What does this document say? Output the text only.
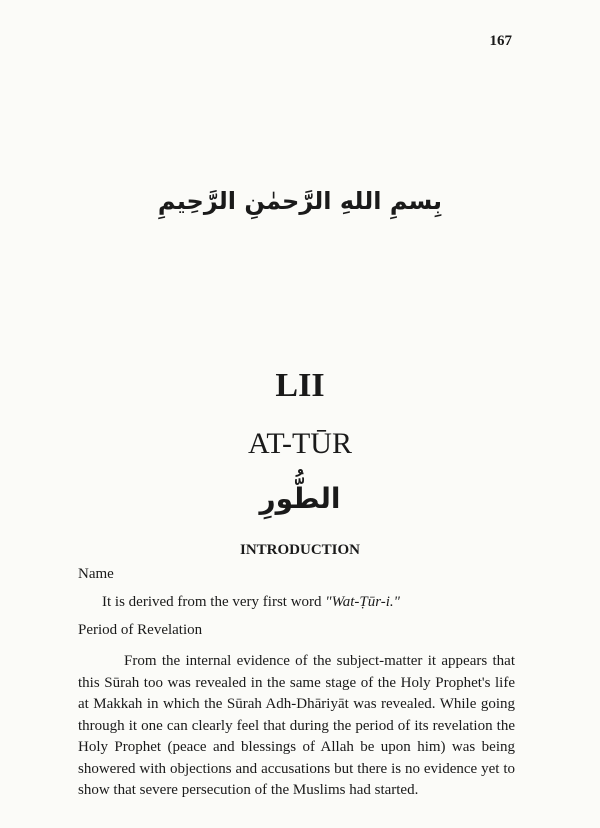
167
بِسمِ اللهِ الرَّحمٰنِ الرَّحِيمِ
LII
AT-TŪR
الطُّورِ
INTRODUCTION
Name
It is derived from the very first word "Wat-Ṭūr-i."
Period of Revelation
From the internal evidence of the subject-matter it appears that this Sūrah too was revealed in the same stage of the Holy Prophet's life at Makkah in which the Sūrah Adh-Dhāriyāt was revealed. While going through it one can clearly feel that during the period of its revelation the Holy Prophet (peace and blessings of Allah be upon him) was being showered with objections and accusations but there is no evidence yet to show that severe persecution of the Muslims had started.
